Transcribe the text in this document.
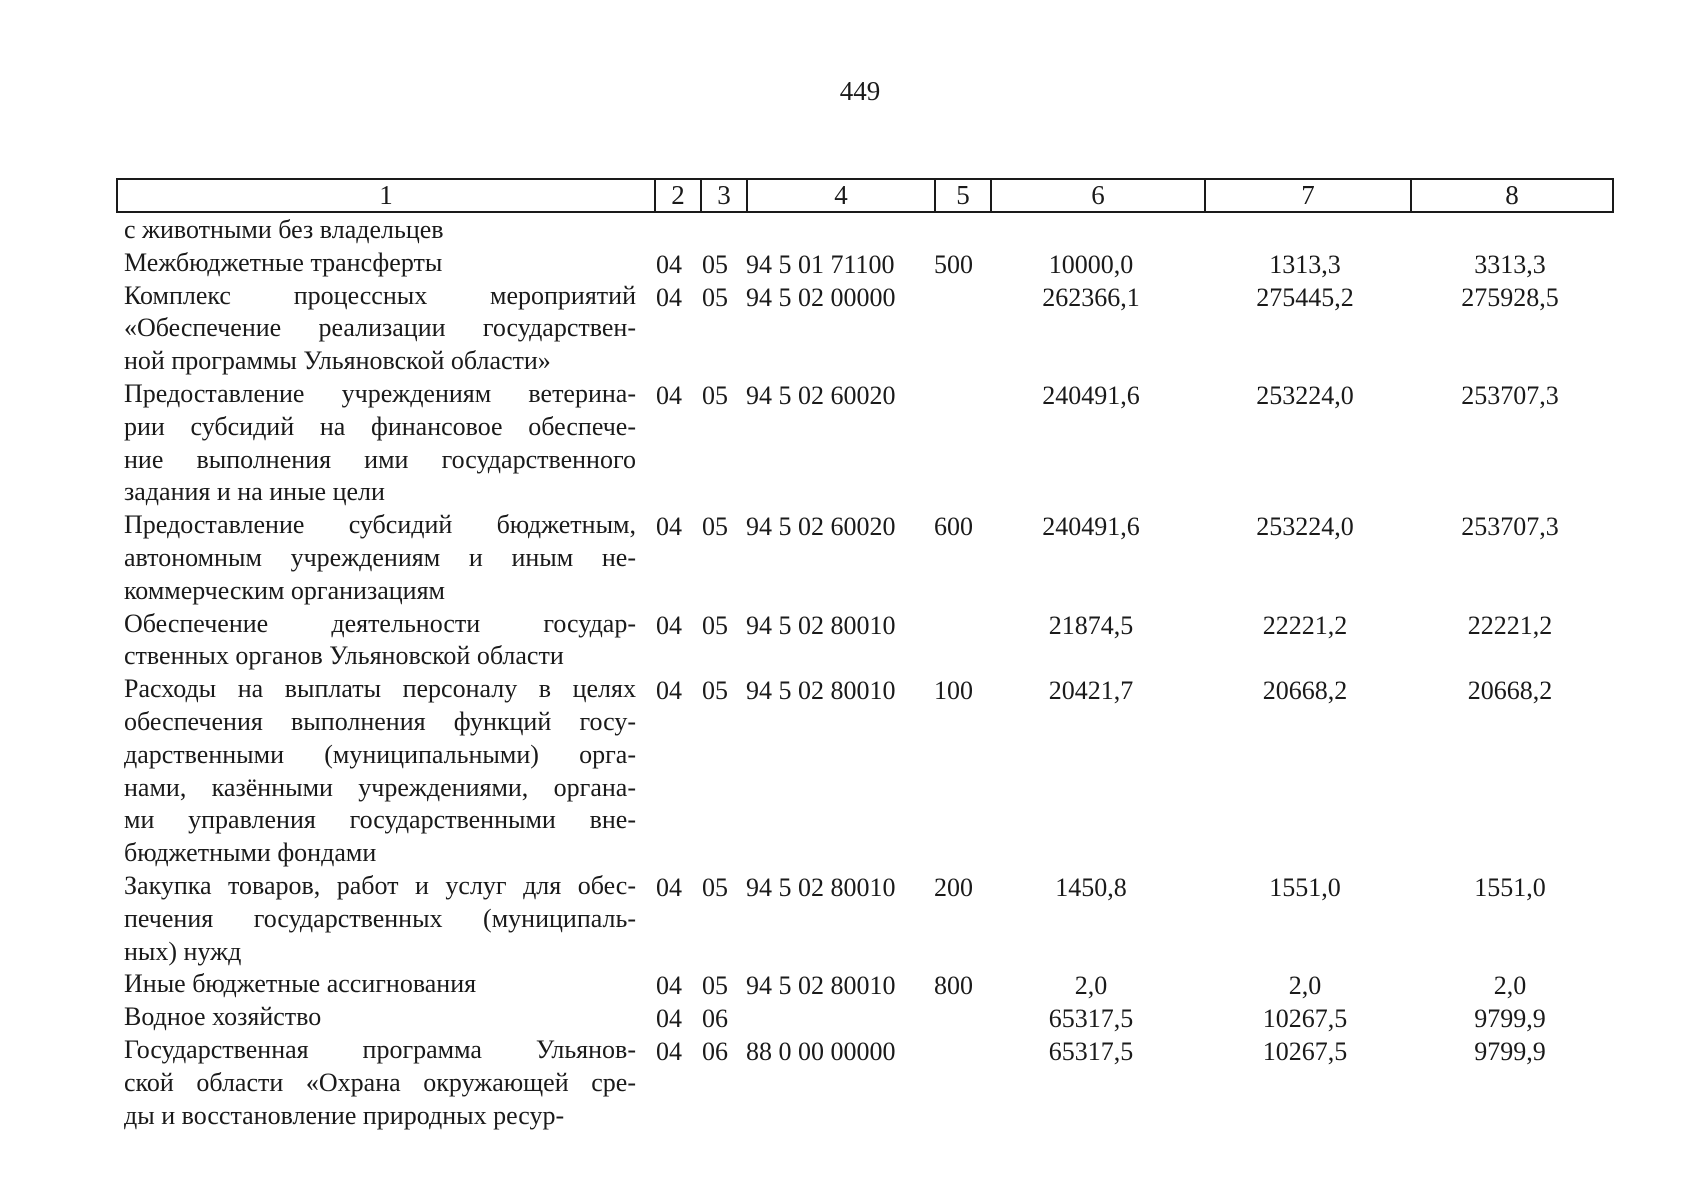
449
1	2	3	4	5	6	7	8
с животными без владельцев
Межбюджетные трансферты	04 05 94 5 01 71100 500	10000,0	1313,3	3313,3
Комплекс процессных мероприятий 04 05 94 5 02 00000	262366,1	275445,2	275928,5
«Обеспечение реализации государствен-
ной программы Ульяновской области»
Предоставление учреждениям ветерина- 04 05 94 5 02 60020	240491,6	253224,0	253707,3
рии субсидий на финансовое обеспече-
ние выполнения ими государственного
задания и на иные цели
Предоставление субсидий бюджетным, 04 05 94 5 02 60020 600	240491,6	253224,0	253707,3
автономным учреждениям и иным не-
коммерческим организациям
Обеспечение деятельности государ- 04 05 94 5 02 80010	21874,5	22221,2	22221,2
ственных органов Ульяновской области
Расходы на выплаты персоналу в целях 04 05 94 5 02 80010 100	20421,7	20668,2	20668,2
обеспечения выполнения функций госу-
дарственными (муниципальными) орга-
нами, казёнными учреждениями, органа-
ми управления государственными вне-
бюджетными фондами
Закупка товаров, работ и услуг для обес- 04 05 94 5 02 80010 200	1450,8	1551,0	1551,0
печения государственных (муниципаль-
ных) нужд
Иные бюджетные ассигнования	04 05 94 5 02 80010 800	2,0	2,0	2,0
Водное хозяйство	04 06	65317,5	10267,5	9799,9
Государственная программа Ульянов- 04 06 88 0 00 00000	65317,5	10267,5	9799,9
ской области «Охрана окружающей сре-
ды и восстановление природных ресур-
